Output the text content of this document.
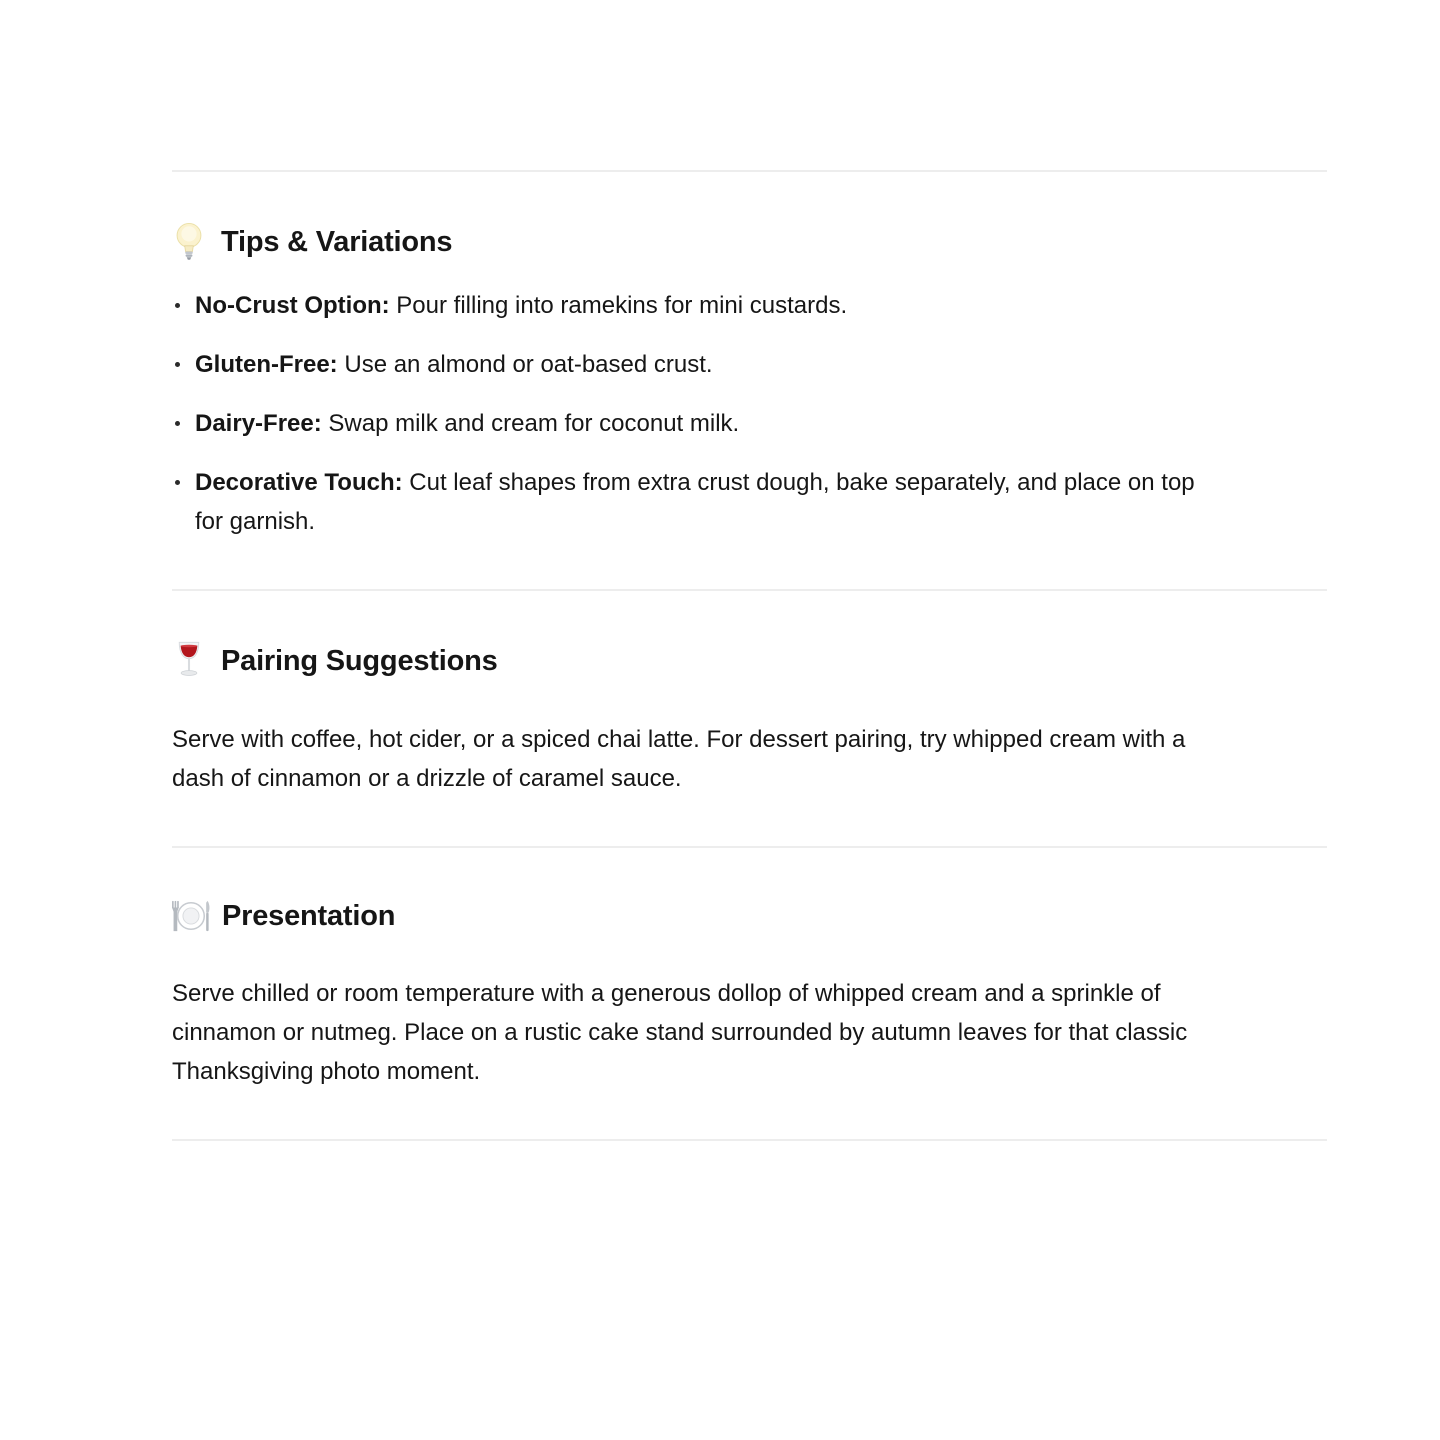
Tips & Variations
No-Crust Option: Pour filling into ramekins for mini custards.
Gluten-Free: Use an almond or oat-based crust.
Dairy-Free: Swap milk and cream for coconut milk.
Decorative Touch: Cut leaf shapes from extra crust dough, bake separately, and place on top for garnish.
Pairing Suggestions

Serve with coffee, hot cider, or a spiced chai latte. For dessert pairing, try whipped cream with a dash of cinnamon or a drizzle of caramel sauce.

Presentation

Serve chilled or room temperature with a generous dollop of whipped cream and a sprinkle of cinnamon or nutmeg. Place on a rustic cake stand surrounded by autumn leaves for that classic Thanksgiving photo moment.
